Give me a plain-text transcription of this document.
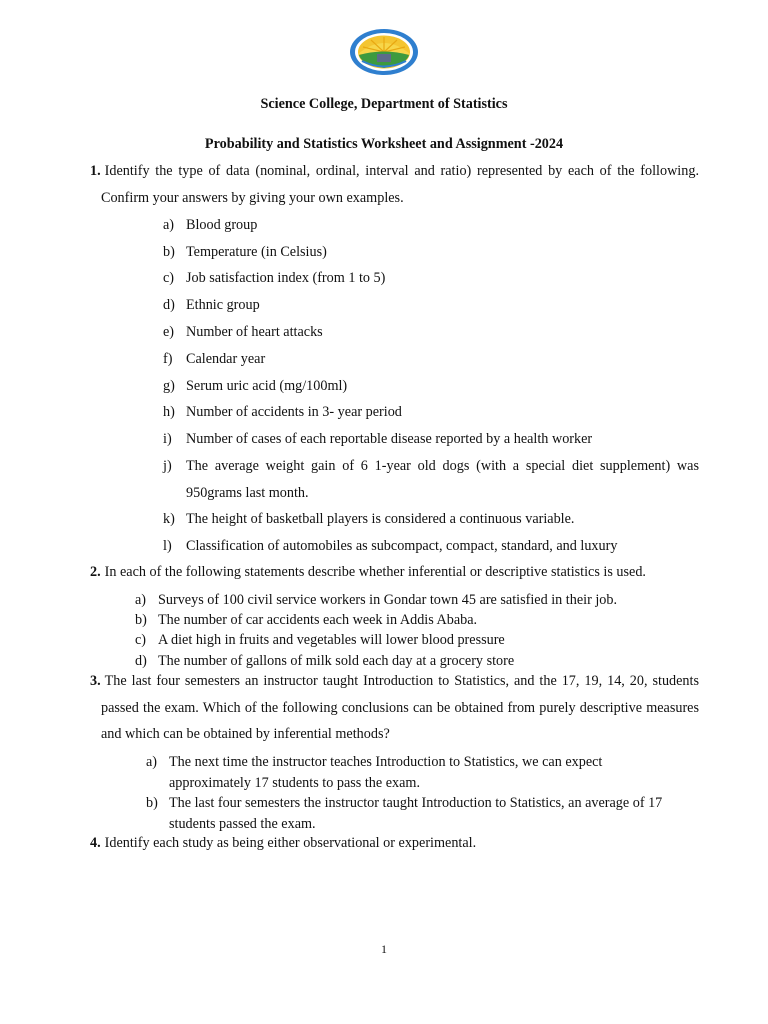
Science College, Department of Statistics
Probability and Statistics Worksheet and Assignment -2024
1. Identify the type of data (nominal, ordinal, interval and ratio) represented by each of the following. Confirm your answers by giving your own examples.
a) Blood group
b) Temperature (in Celsius)
c) Job satisfaction index (from 1 to 5)
d) Ethnic group
e) Number of heart attacks
f) Calendar year
g) Serum uric acid (mg/100ml)
h) Number of accidents in 3- year period
i) Number of cases of each reportable disease reported by a health worker
j) The average weight gain of 6 1-year old dogs (with a special diet supplement) was 950grams last month.
k) The height of basketball players is considered a continuous variable.
l) Classification of automobiles as subcompact, compact, standard, and luxury
2. In each of the following statements describe whether inferential or descriptive statistics is used.
a) Surveys of 100 civil service workers in Gondar town 45 are satisfied in their job.
b) The number of car accidents each week in Addis Ababa.
c) A diet high in fruits and vegetables will lower blood pressure
d) The number of gallons of milk sold each day at a grocery store
3. The last four semesters an instructor taught Introduction to Statistics, and the 17, 19, 14, 20, students passed the exam. Which of the following conclusions can be obtained from purely descriptive measures and which can be obtained by inferential methods?
a) The next time the instructor teaches Introduction to Statistics, we can expect approximately 17 students to pass the exam.
b) The last four semesters the instructor taught Introduction to Statistics, an average of 17 students passed the exam.
4. Identify each study as being either observational or experimental.
1
